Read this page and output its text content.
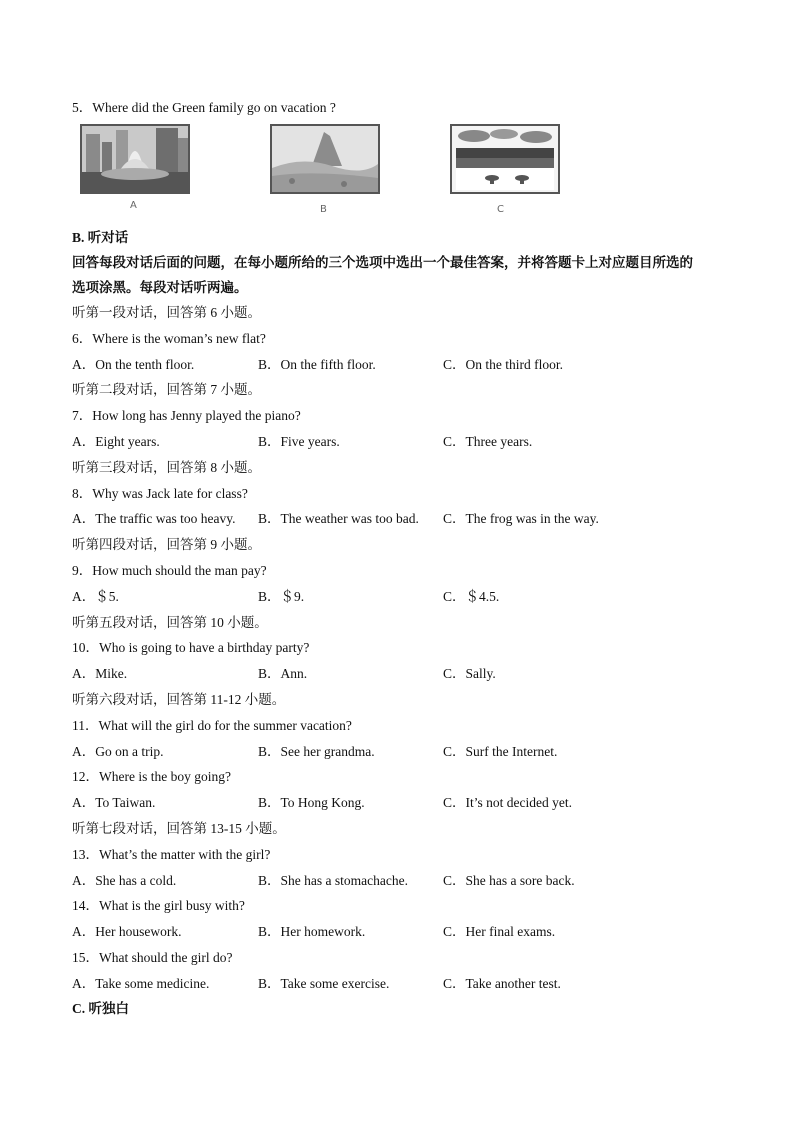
5．Where did the Green family go on vacation ?
A	B	C
B. 听对话
回答每段对话后面的问题，在每小题所给的三个选项中选出一个最佳答案，并将答题卡上对应题目所选的
选项涂黑。每段对话听两遍。
听第一段对话，回答第 6 小题。
6．Where is the woman’s new flat?
A．On the tenth floor.	B．On the fifth floor.	C．On the third floor.
听第二段对话，回答第 7 小题。
7．How long has Jenny played the piano?
A．Eight years.	B．Five years.	C．Three years.
听第三段对话，回答第 8 小题。
8．Why was Jack late for class?
A．The traffic was too heavy. B．The weather was too bad. C．The frog was in the way.
听第四段对话，回答第 9 小题。
9．How much should the man pay?
A．＄5.	B．＄9.	C．＄4.5.
听第五段对话，回答第 10 小题。
10．Who is going to have a birthday party?
A．Mike.	B．Ann.	C．Sally.
听第六段对话，回答第 11-12 小题。
11．What will the girl do for the summer vacation?
A．Go on a trip.	B．See her grandma.	C．Surf the Internet.
12．Where is the boy going?
A．To Taiwan.	B．To Hong Kong.	C．It’s not decided yet.
听第七段对话，回答第 13-15 小题。
13．What’s the matter with the girl?
A．She has a cold.	B．She has a stomachache.	C．She has a sore back.
14．What is the girl busy with?
A．Her housework.	B．Her homework.	C．Her final exams.
15．What should the girl do?
A．Take some medicine.	B．Take some exercise.	C．Take another test.
C. 听独白
